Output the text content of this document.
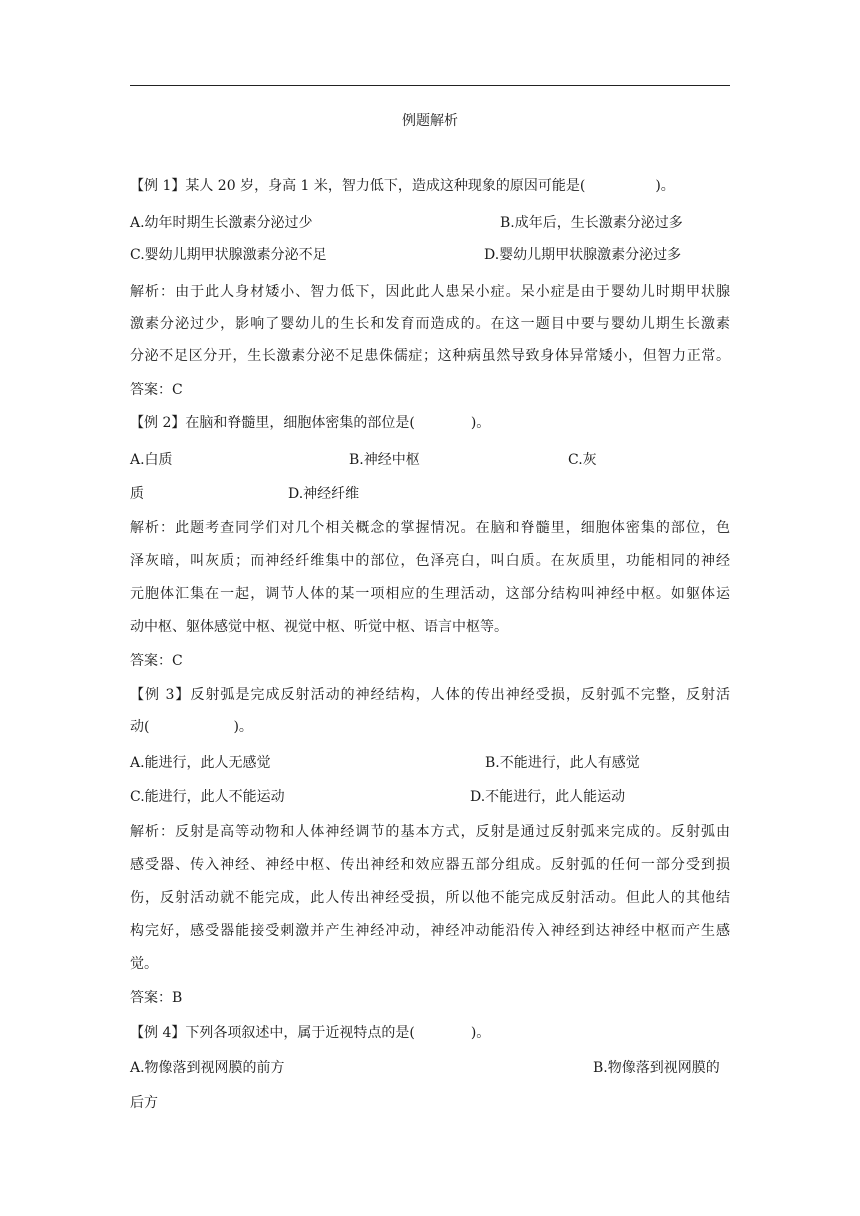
例题解析
【例 1】某人 20 岁，身高 1 米，智力低下，造成这种现象的原因可能是(　　　　　)。
A.幼年时期生长激素分泌过少	B.成年后，生长激素分泌过多
C.婴幼儿期甲状腺激素分泌不足	D.婴幼儿期甲状腺激素分泌过多
解析：由于此人身材矮小、智力低下，因此此人患呆小症。呆小症是由于婴幼儿时期甲状腺
激素分泌过少，影响了婴幼儿的生长和发育而造成的。在这一题目中要与婴幼儿期生长激素
分泌不足区分开，生长激素分泌不足患侏儒症；这种病虽然导致身体异常矮小，但智力正常。
答案：C
【例 2】在脑和脊髓里，细胞体密集的部位是(　　　　)。
A.白质	B.神经中枢	C.灰
质	D.神经纤维
解析：此题考查同学们对几个相关概念的掌握情况。在脑和脊髓里，细胞体密集的部位，色
泽灰暗，叫灰质；而神经纤维集中的部位，色泽亮白，叫白质。在灰质里，功能相同的神经
元胞体汇集在一起，调节人体的某一项相应的生理活动，这部分结构叫神经中枢。如躯体运
动中枢、躯体感觉中枢、视觉中枢、听觉中枢、语言中枢等。
答案：C
【例 3】反射弧是完成反射活动的神经结构，人体的传出神经受损，反射弧不完整，反射活
动(　　　　　　)。
A.能进行，此人无感觉	B.不能进行，此人有感觉
C.能进行，此人不能运动	D.不能进行，此人能运动
解析：反射是高等动物和人体神经调节的基本方式，反射是通过反射弧来完成的。反射弧由
感受器、传入神经、神经中枢、传出神经和效应器五部分组成。反射弧的任何一部分受到损
伤，反射活动就不能完成，此人传出神经受损，所以他不能完成反射活动。但此人的其他结
构完好，感受器能接受刺激并产生神经冲动，神经冲动能沿传入神经到达神经中枢而产生感
觉。
答案：B
【例 4】下列各项叙述中，属于近视特点的是(　　　　)。
A.物像落到视网膜的前方	B.物像落到视网膜的
后方
